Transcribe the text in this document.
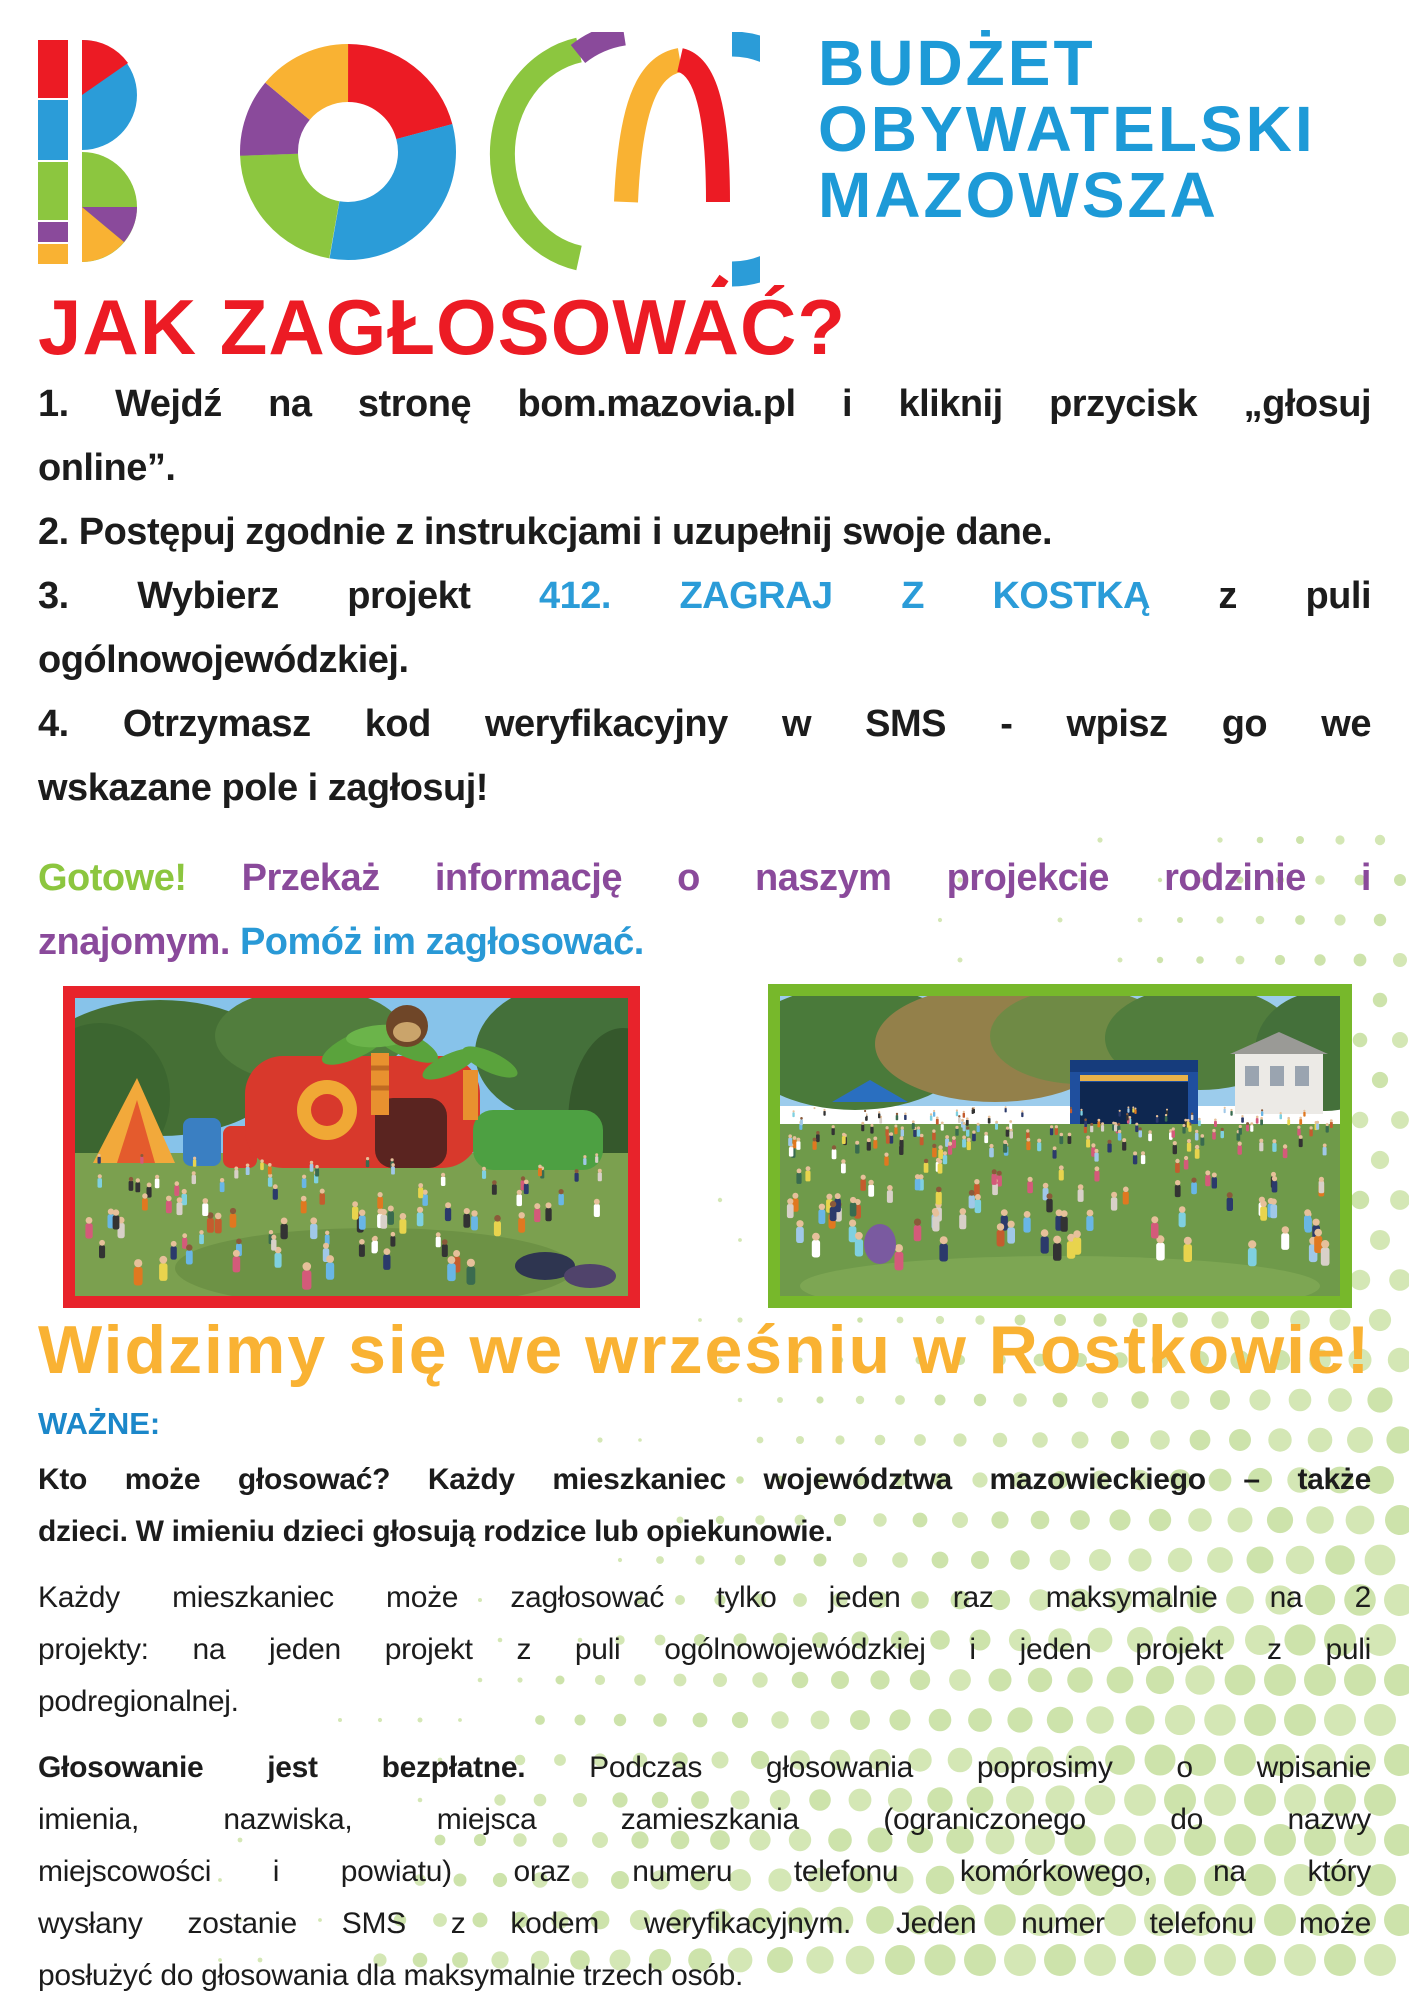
BUDŻET
OBYWATELSKI
MAZOWSZA
JAK ZAGŁOSOWAĆ?
1. Wejdź na stronę bom.mazovia.pl i kliknij przycisk „głosuj
online”.
2. Postępuj zgodnie z instrukcjami i uzupełnij swoje dane.
3. Wybierz projekt 412. ZAGRAJ Z KOSTKĄ z puli
ogólnowojewódzkiej.
4. Otrzymasz kod weryfikacyjny w SMS - wpisz go we
wskazane pole i zagłosuj!
Gotowe! Przekaż informację o naszym projekcie rodzinie i
znajomym. Pomóż im zagłosować.
Widzimy się we wrześniu w Rostkowie!
WAŻNE:
Kto może głosować? Każdy mieszkaniec województwa mazowieckiego – także
dzieci. W imieniu dzieci głosują rodzice lub opiekunowie.
Każdy mieszkaniec może zagłosować tylko jeden raz maksymalnie na 2
projekty: na jeden projekt z puli ogólnowojewódzkiej i jeden projekt z puli
podregionalnej.
Głosowanie jest bezpłatne. Podczas głosowania poprosimy o wpisanie
imienia, nazwiska, miejsca zamieszkania (ograniczonego do nazwy
miejscowości i powiatu) oraz numeru telefonu komórkowego, na który
wysłany zostanie SMS z kodem weryfikacyjnym. Jeden numer telefonu może
posłużyć do głosowania dla maksymalnie trzech osób.
